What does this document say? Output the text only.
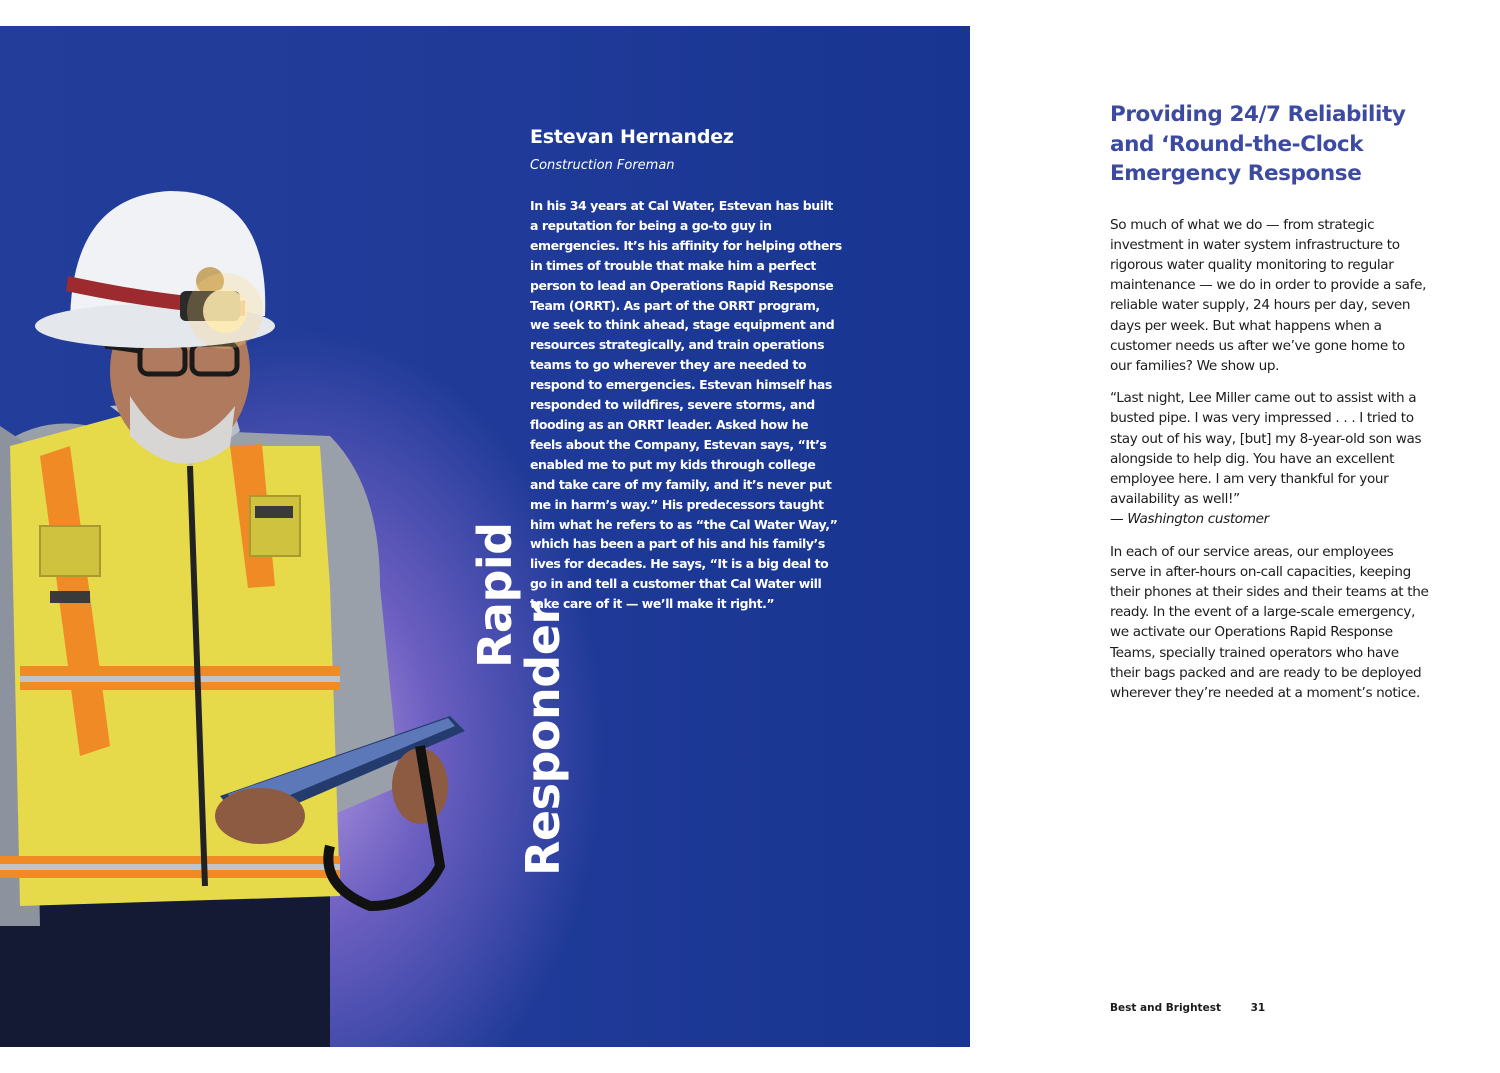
Estevan Hernandez

Construction Foreman

In his 34 years at Cal Water, Estevan has built a reputation for being a go-to guy in emergencies. It’s his affinity for helping others in times of trouble that make him a perfect person to lead an Operations Rapid Response Team (ORRT). As part of the ORRT program, we seek to think ahead, stage equipment and resources strategically, and train operations teams to go wherever they are needed to respond to emergencies. Estevan himself has responded to wildfires, severe storms, and flooding as an ORRT leader. Asked how he feels about the Company, Estevan says, “It’s enabled me to put my kids through college and take care of my family, and it’s never put me in harm’s way.” His predecessors taught him what he refers to as “the Cal Water Way,” which has been a part of his and his family’s lives for decades. He says, “It is a big deal to go in and tell a customer that Cal Water will take care of it — we’ll make it right.”

Rapid
Responder
Providing 24/7 Reliability and ‘Round-the-Clock Emergency Response

So much of what we do — from strategic investment in water system infrastructure to rigorous water quality monitoring to regular maintenance — we do in order to provide a safe, reliable water supply, 24 hours per day, seven days per week. But what happens when a customer needs us after we’ve gone home to our families? We show up.

“Last night, Lee Miller came out to assist with a busted pipe. I was very impressed . . . I tried to stay out of his way, [but] my 8-year-old son was alongside to help dig. You have an excellent employee here. I am very thankful for your availability as well!”
— Washington customer

In each of our service areas, our employees serve in after-hours on-call capacities, keeping their phones at their sides and their teams at the ready. In the event of a large-scale emergency, we activate our Operations Rapid Response Teams, specially trained operators who have their bags packed and are ready to be deployed wherever they’re needed at a moment’s notice.

Best and Brightest	31
